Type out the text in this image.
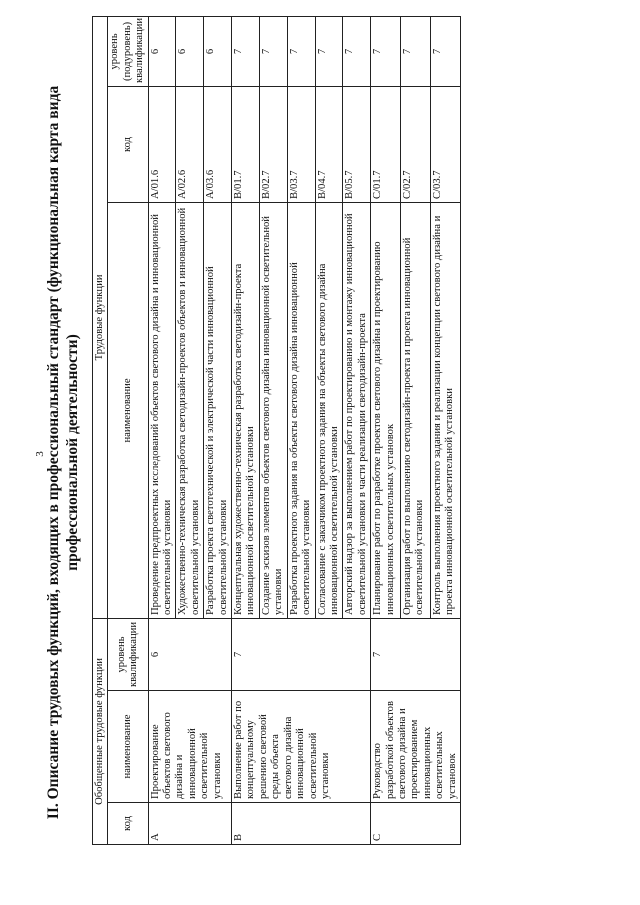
3 II. Описание трудовых функций, входящих в профессиональный стандарт (функциональная карта вида профессиональной деятельности)
Обобщенные трудовые функции			Трудовые функции		
код	наименование	уровень квалификации	наименование	код	уровень (подуровень) квалификации
A	Проектирование объектов светового дизайна и инновационной осветительной установки	6	Проведение предпроектных исследований объектов светового дизайна и инновационной осветительной установки	A/01.6	6
			Художественно-техническая разработка светодизайн-проектов объектов и инновационной осветительной установки	A/02.6	6
			Разработка проекта светотехнической и электрической части инновационной осветительной установки	A/03.6	6
B	Выполнение работ по концептуальному решению световой среды объекта светового дизайна инновационной осветительной установки	7	Концептуальная художественно-техническая разработка светодизайн-проекта инновационной осветительной установки	B/01.7	7
			Создание эскизов элементов объектов светового дизайна инновационной осветительной установки	B/02.7	7
			Разработка проектного задания на объекты светового дизайна инновационной осветительной установки	B/03.7	7
			Согласование с заказчиком проектного задания на объекты светового дизайна инновационной осветительной установки	B/04.7	7
			Авторский надзор за выполнением работ по проектированию и монтажу инновационной осветительной установки в части реализации светодизайн-проекта	B/05.7	7
C	Руководство разработкой объектов светового дизайна и проектированием инновационных осветительных установок	7	Планирование работ по разработке проектов светового дизайна и проектированию инновационных осветительных установок	C/01.7	7
			Организация работ по выполнению светодизайн-проекта и проекта инновационной осветительной установки	C/02.7	7
			Контроль выполнения проектного задания и реализации концепции светового дизайна и проекта инновационной осветительной установки	C/03.7	7
